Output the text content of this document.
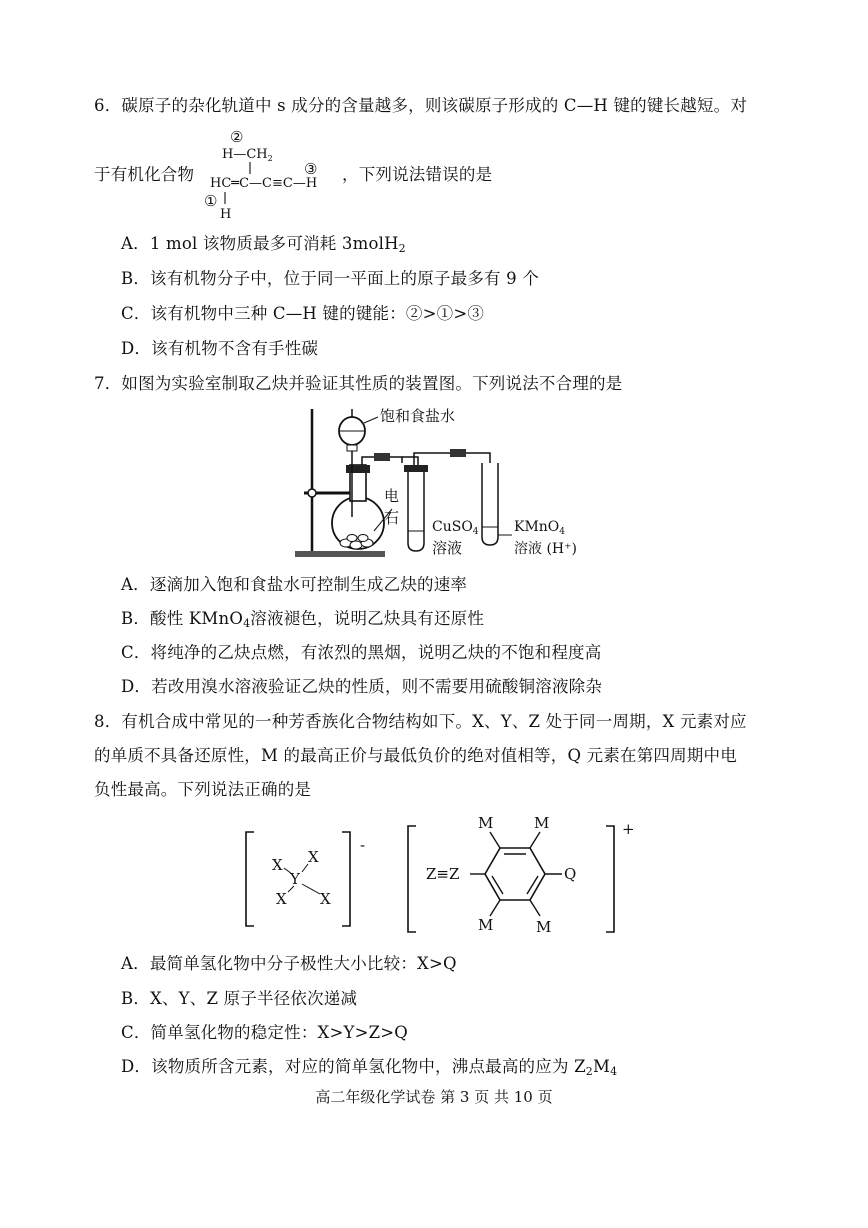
6．碳原子的杂化轨道中 s 成分的含量越多，则该碳原子形成的 C—H 键的键长越短。对
于有机化合物
②
$H—CH_2$
HC═C—C≡C—H
③
①
H
，下列说法错误的是
A．1 mol 该物质最多可消耗 3molH$_2$
B．该有机物分子中，位于同一平面上的原子最多有 9 个
C．该有机物中三种 C—H 键的键能：②>①>③
D．该有机物不含有手性碳
7．如图为实验室制取乙炔并验证其性质的装置图。下列说法不合理的是
饱和食盐水
电
石 CuSO$_4$
溶液
KMnO$_4$
溶液 (H⁺)
A．逐滴加入饱和食盐水可控制生成乙炔的速率
B．酸性 KMnO$_4$溶液褪色，说明乙炔具有还原性
C．将纯净的乙炔点燃，有浓烈的黑烟，说明乙炔的不饱和程度高
D．若改用溴水溶液验证乙炔的性质，则不需要用硫酸铜溶液除杂
8．有机合成中常见的一种芳香族化合物结构如下。X、Y、Z 处于同一周期，X 元素对应
的单质不具备还原性，M 的最高正价与最低负价的绝对值相等，Q 元素在第四周期中电
负性最高。下列说法正确的是
-
Y
X X
X X
+
M	M
M	M
Q
Z≡Z
A．最简单氢化物中分子极性大小比较：X>Q
B．X、Y、Z 原子半径依次递减
C．简单氢化物的稳定性：X>Y>Z>Q
D．该物质所含元素，对应的简单氢化物中，沸点最高的应为 $Z_2M_4$
高二年级化学试卷 第 3 页 共 10 页
